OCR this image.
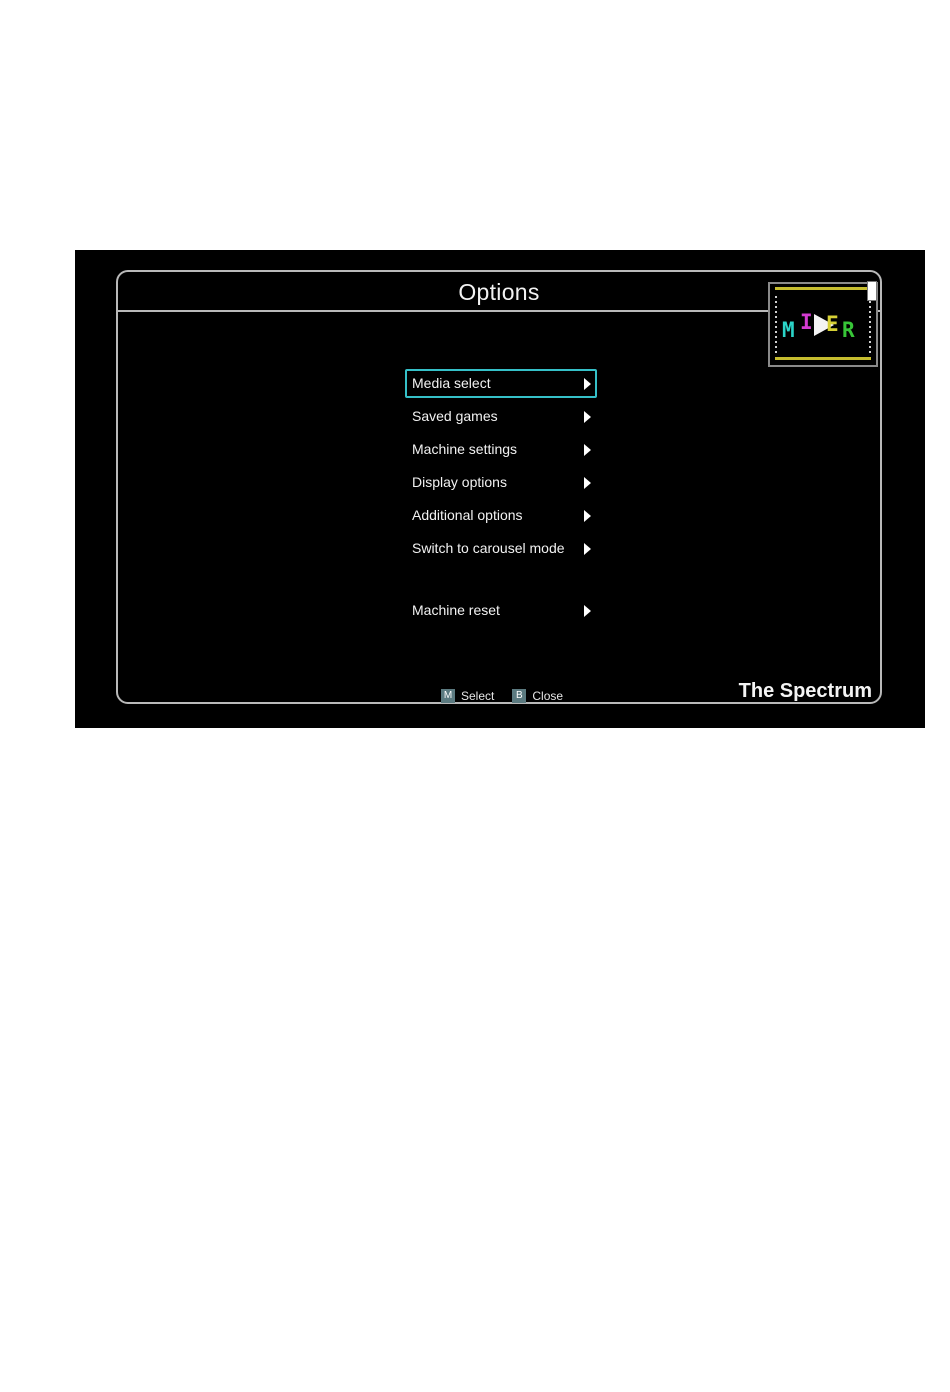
Options
M I E R
Media select
Saved games
Machine settings
Display options
Additional options
Switch to carousel mode
Machine reset
M Select	B Close	The Spectrum
